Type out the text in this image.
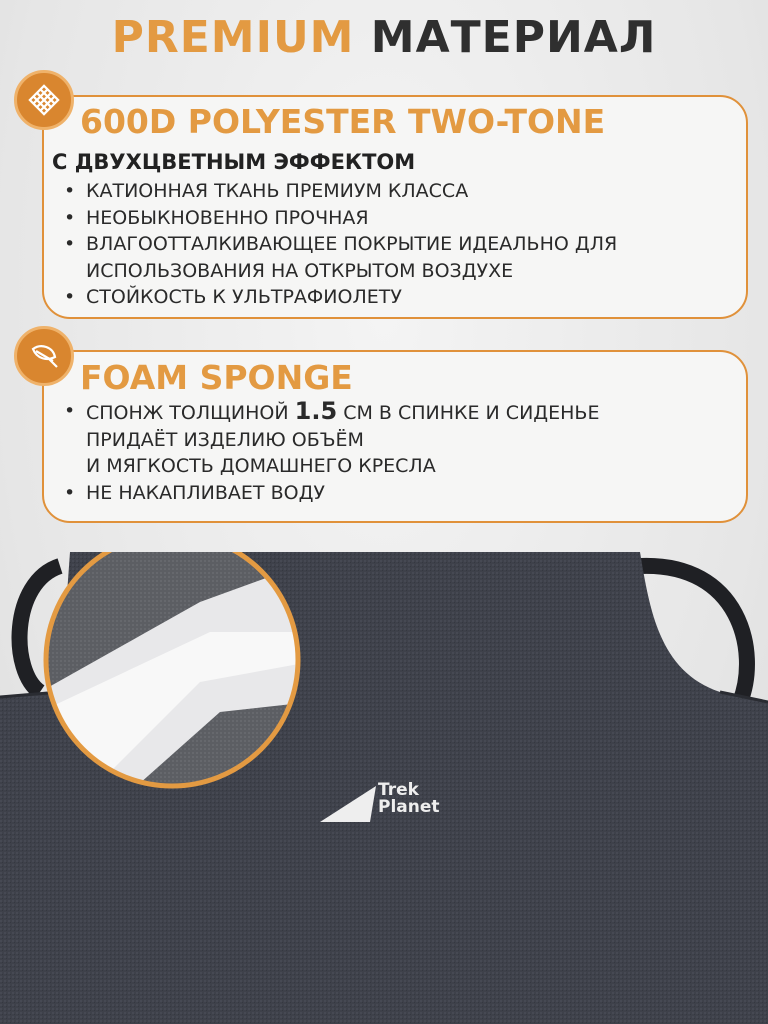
PREMIUM МАТЕРИАЛ
600D POLYESTER TWO-TONE
С ДВУХЦВЕТНЫМ ЭФФЕКТОМ
• КАТИОННАЯ ТКАНЬ ПРЕМИУМ КЛАССА
• НЕОБЫКНОВЕННО ПРОЧНАЯ
• ВЛАГООТТАЛКИВАЮЩЕЕ ПОКРЫТИЕ ИДЕАЛЬНО ДЛЯ
ИСПОЛЬЗОВАНИЯ НА ОТКРЫТОМ ВОЗДУХЕ
• СТОЙКОСТЬ К УЛЬТРАФИОЛЕТУ
FOAM SPONGE
• СПОНЖ ТОЛЩИНОЙ 1.5 СМ В СПИНКЕ И СИДЕНЬЕ
ПРИДАЁТ ИЗДЕЛИЮ ОБЪЁМ
И МЯГКОСТЬ ДОМАШНЕГО КРЕСЛА
• НЕ НАКАПЛИВАЕТ ВОДУ
Trek
Planet
